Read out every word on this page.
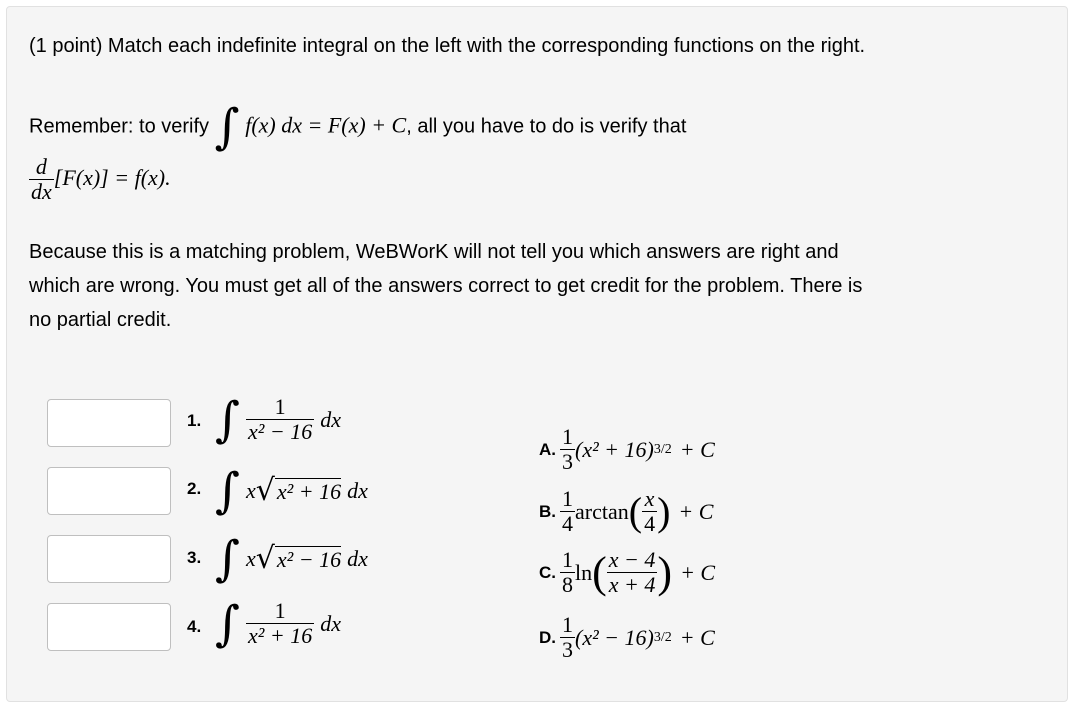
(1 point) Match each indefinite integral on the left with the corresponding functions on the right.
Remember: to verify ∫ f(x) dx = F(x) + C, all you have to do is verify that
$\frac{d}{dx} [F(x)] = f(x)$.
Because this is a matching problem, WeBWorK will not tell you which answers are right and
which are wrong. You must get all of the answers correct to get credit for the problem. There is
no partial credit.
1.
2.
3.
4.
∫ $\frac{1}{\text{x² − 16}}$ dx
∫ x √ x² + 16 dx
∫ x √ x² − 16 dx
∫ $\frac{1}{\text{x² + 16}}$ dx
A. $\frac{1}{3} (x^2 + 16) 3/2 + C$
B. $\frac{1}{4}$ arctan ( $\frac{x}{4}$ ) + C
C. $\frac{1}{8}$ ln ( $\frac{x - 4}{x + 4}$ ) + C
D. $\frac{1}{3} (x^2 - 16) 3/2 + C$
